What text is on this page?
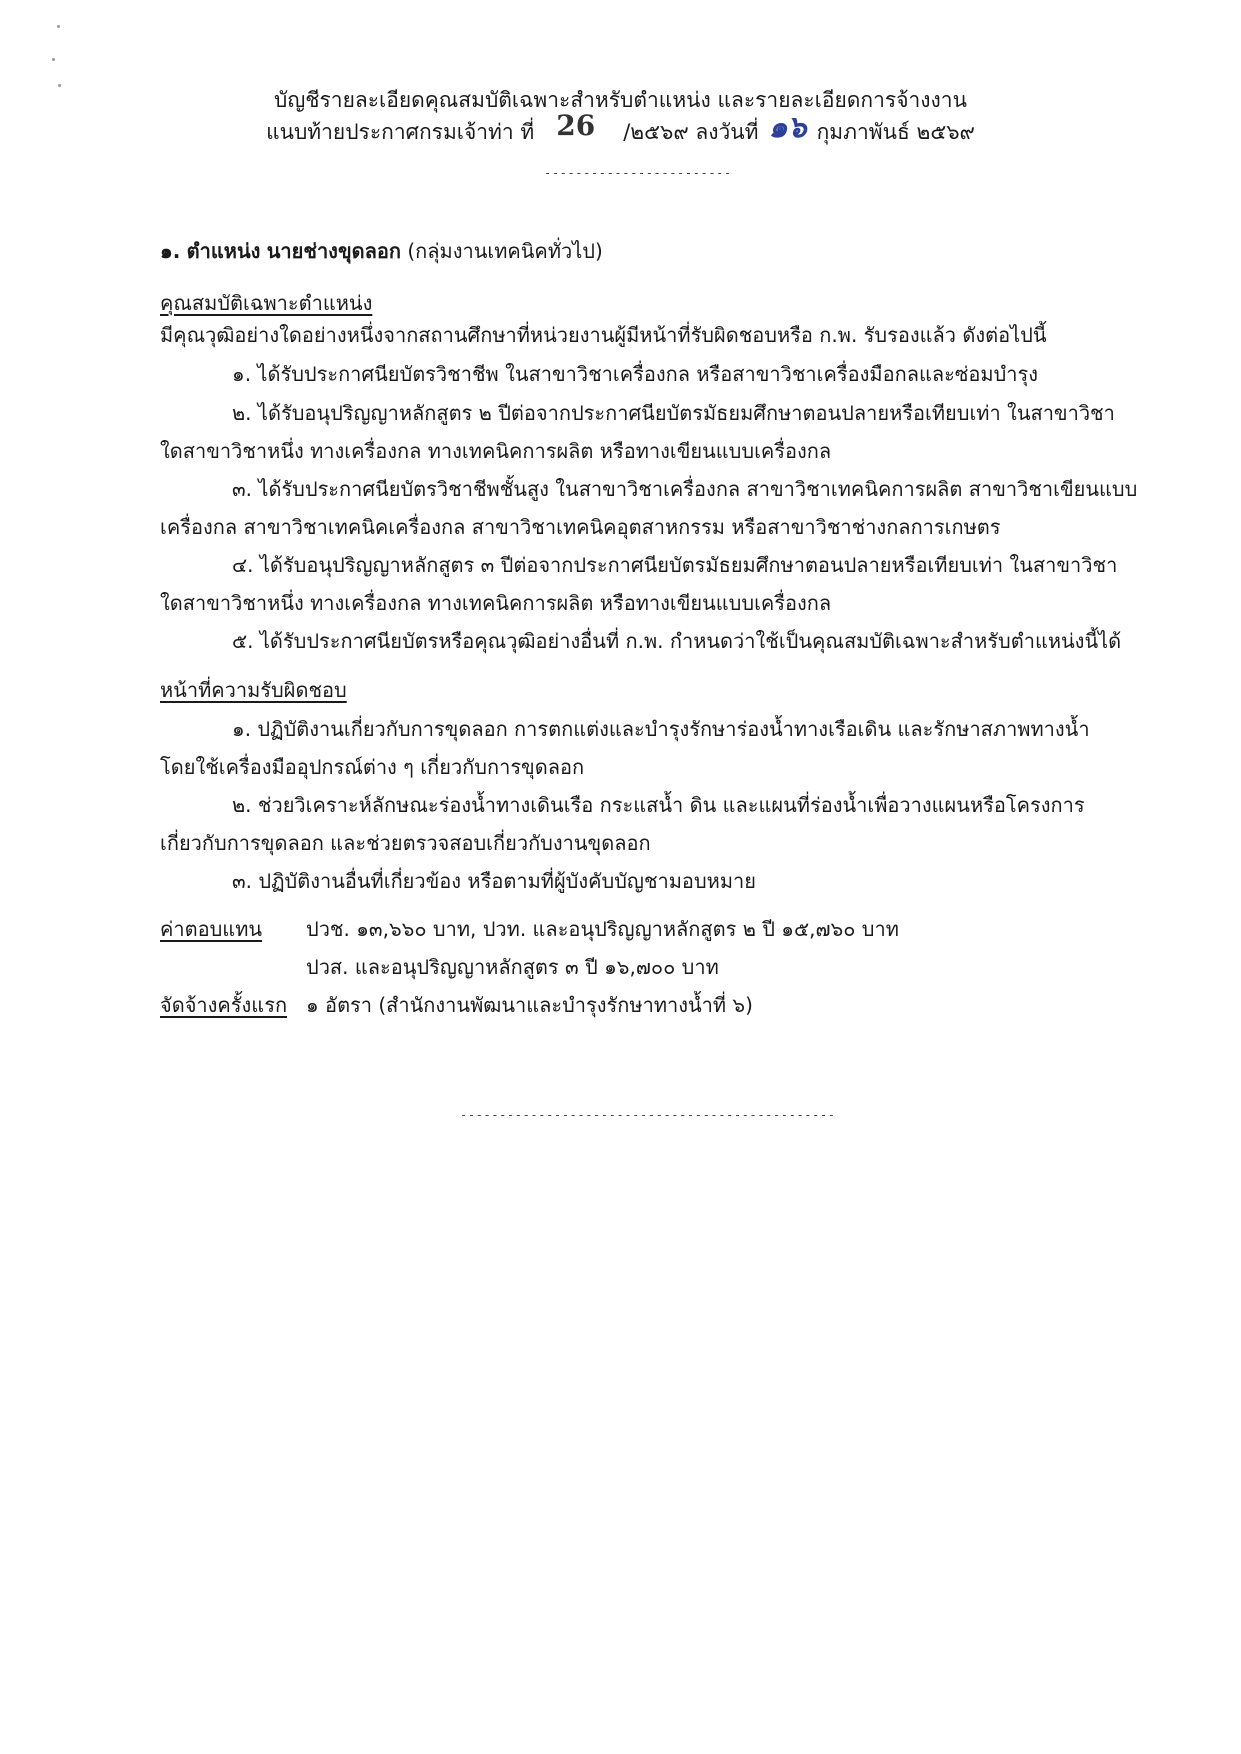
บัญชีรายละเอียดคุณสมบัติเฉพาะสำหรับตำแหน่ง และรายละเอียดการจ้างงาน
แนบท้ายประกาศกรมเจ้าท่า ที่ 26 /๒๕๖๙ ลงวันที่ ๑๖ กุมภาพันธ์ ๒๕๖๙
------------------------
๑. ตำแหน่ง นายช่างขุดลอก (กลุ่มงานเทคนิคทั่วไป)
คุณสมบัติเฉพาะตำแหน่ง
มีคุณวุฒิอย่างใดอย่างหนึ่งจากสถานศึกษาที่หน่วยงานผู้มีหน้าที่รับผิดชอบหรือ ก.พ. รับรองแล้ว ดังต่อไปนี้
๑. ได้รับประกาศนียบัตรวิชาชีพ ในสาขาวิชาเครื่องกล หรือสาขาวิชาเครื่องมือกลและซ่อมบำรุง
๒. ได้รับอนุปริญญาหลักสูตร ๒ ปีต่อจากประกาศนียบัตรมัธยมศึกษาตอนปลายหรือเทียบเท่า ในสาขาวิชา
ใดสาขาวิชาหนึ่ง ทางเครื่องกล ทางเทคนิคการผลิต หรือทางเขียนแบบเครื่องกล
๓. ได้รับประกาศนียบัตรวิชาชีพชั้นสูง ในสาขาวิชาเครื่องกล สาขาวิชาเทคนิคการผลิต สาขาวิชาเขียนแบบ
เครื่องกล สาขาวิชาเทคนิคเครื่องกล สาขาวิชาเทคนิคอุตสาหกรรม หรือสาขาวิชาช่างกลการเกษตร
๔. ได้รับอนุปริญญาหลักสูตร ๓ ปีต่อจากประกาศนียบัตรมัธยมศึกษาตอนปลายหรือเทียบเท่า ในสาขาวิชา
ใดสาขาวิชาหนึ่ง ทางเครื่องกล ทางเทคนิคการผลิต หรือทางเขียนแบบเครื่องกล
๕. ได้รับประกาศนียบัตรหรือคุณวุฒิอย่างอื่นที่ ก.พ. กำหนดว่าใช้เป็นคุณสมบัติเฉพาะสำหรับตำแหน่งนี้ได้
หน้าที่ความรับผิดชอบ
๑. ปฏิบัติงานเกี่ยวกับการขุดลอก การตกแต่งและบำรุงรักษาร่องน้ำทางเรือเดิน และรักษาสภาพทางน้ำ
โดยใช้เครื่องมืออุปกรณ์ต่าง ๆ เกี่ยวกับการขุดลอก
๒. ช่วยวิเคราะห์ลักษณะร่องน้ำทางเดินเรือ กระแสน้ำ ดิน และแผนที่ร่องน้ำเพื่อวางแผนหรือโครงการ
เกี่ยวกับการขุดลอก และช่วยตรวจสอบเกี่ยวกับงานขุดลอก
๓. ปฏิบัติงานอื่นที่เกี่ยวข้อง หรือตามที่ผู้บังคับบัญชามอบหมาย
ค่าตอบแทน ปวช. ๑๓,๖๖๐ บาท, ปวท. และอนุปริญญาหลักสูตร ๒ ปี ๑๕,๗๖๐ บาท
ปวส. และอนุปริญญาหลักสูตร ๓ ปี ๑๖,๗๐๐ บาท
จัดจ้างครั้งแรก ๑ อัตรา (สำนักงานพัฒนาและบำรุงรักษาทางน้ำที่ ๖)
------------------------------------------------
